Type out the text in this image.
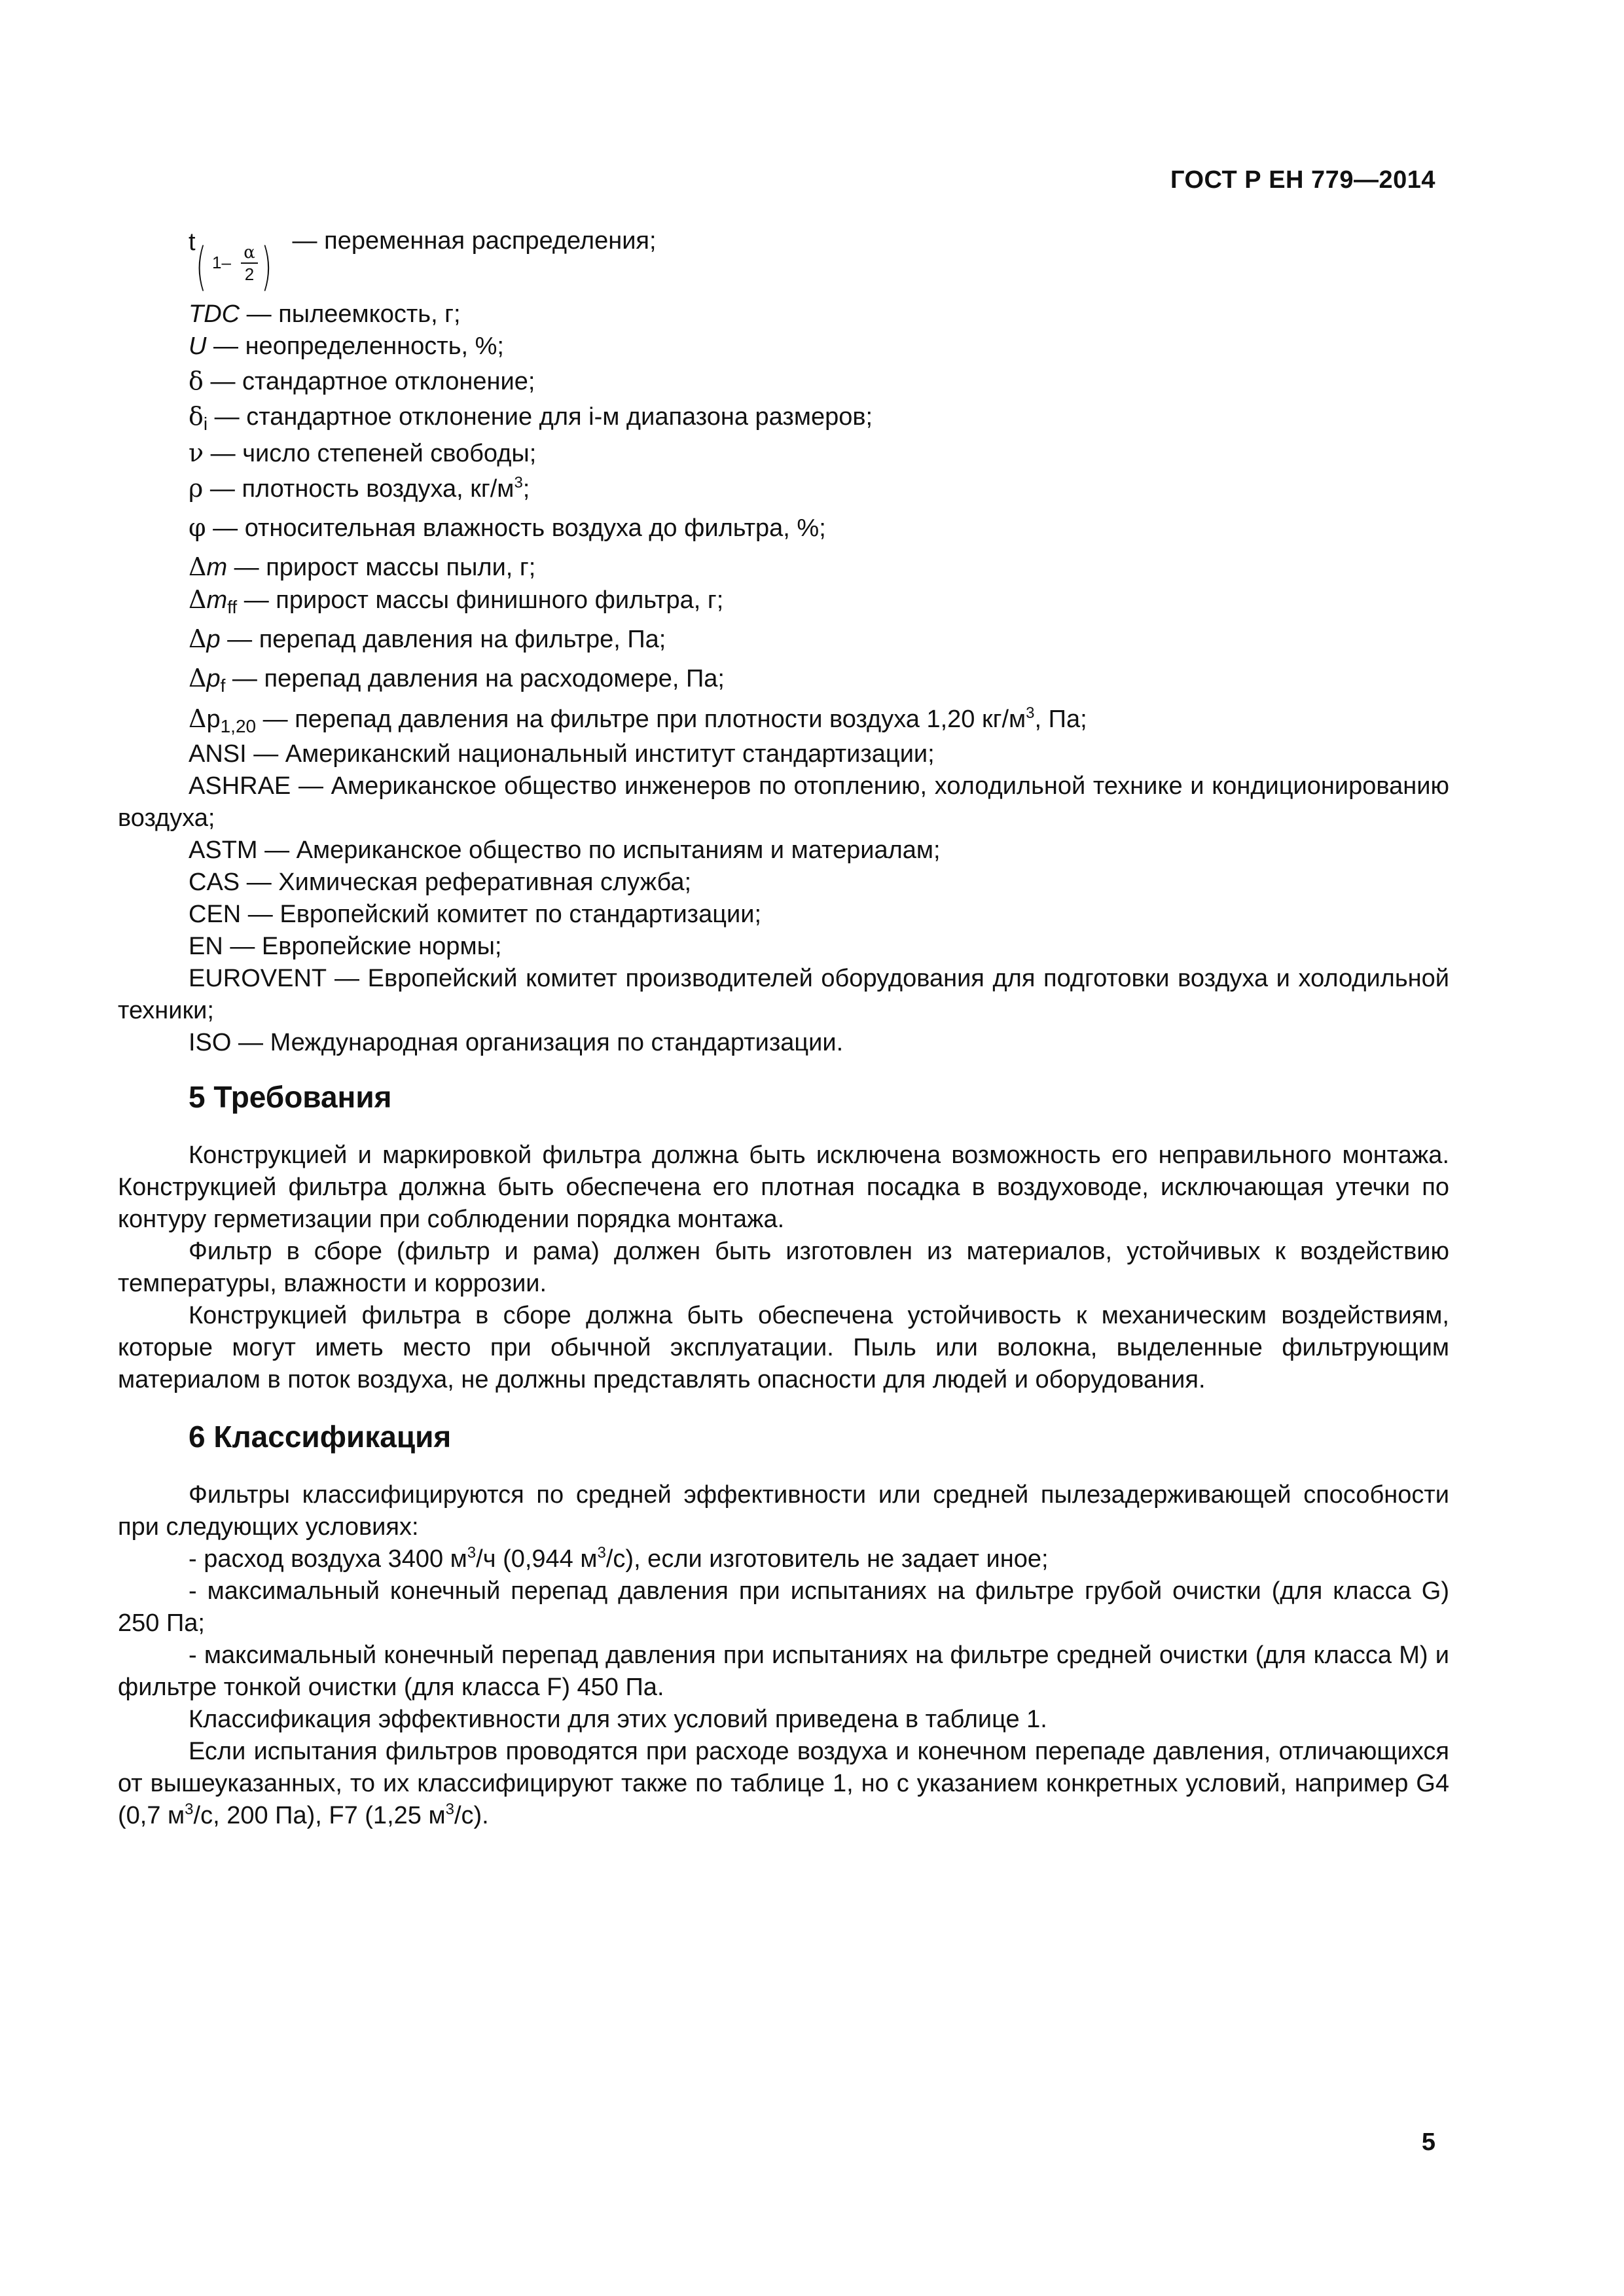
ГОСТ Р ЕН 779—2014
t ( $1- \frac{\alpha}{2}$ ) — переменная распределения;
TDC — пылеемкость, г;
U — неопределенность, %;
δ — стандартное отклонение;
$\delta_i$ — стандартное отклонение для i-м диапазона размеров;
ν — число степеней свободы;
ρ — плотность воздуха, $кг/м^3$;
φ — относительная влажность воздуха до фильтра, %;
Δm — прирост массы пыли, г;
$\Delta m_{ff}$ — прирост массы финишного фильтра, г;
Δp — перепад давления на фильтре, Па;
$\Delta p_f$ — перепад давления на расходомере, Па;
$\Delta p_{1,20}$ — перепад давления на фильтре при плотности воздуха 1,20 $кг/м^3$, Па;
ANSI — Американский национальный институт стандартизации;
ASHRAE — Американское общество инженеров по отоплению, холодильной технике и кондиционированию воздуха;
ASTM — Американское общество по испытаниям и материалам;
CAS — Химическая реферативная служба;
CEN — Европейский комитет по стандартизации;
EN — Европейские нормы;
EUROVENT — Европейский комитет производителей оборудования для подготовки воздуха и холодильной техники;
ISO — Международная организация по стандартизации.
5 Требования
Конструкцией и маркировкой фильтра должна быть исключена возможность его неправильного монтажа. Конструкцией фильтра должна быть обеспечена его плотная посадка в воздуховоде, исключающая утечки по контуру герметизации при соблюдении порядка монтажа.
Фильтр в сборе (фильтр и рама) должен быть изготовлен из материалов, устойчивых к воздействию температуры, влажности и коррозии.
Конструкцией фильтра в сборе должна быть обеспечена устойчивость к механическим воздействиям, которые могут иметь место при обычной эксплуатации. Пыль или волокна, выделенные фильтрующим материалом в поток воздуха, не должны представлять опасности для людей и оборудования.
6 Классификация
Фильтры классифицируются по средней эффективности или средней пылезадерживающей способности при следующих условиях:
- расход воздуха 3400 $м^3/ч$ (0,944 $м^3/с$), если изготовитель не задает иное;
- максимальный конечный перепад давления при испытаниях на фильтре грубой очистки (для класса G) 250 Па;
- максимальный конечный перепад давления при испытаниях на фильтре средней очистки (для класса М) и фильтре тонкой очистки (для класса F) 450 Па.
Классификация эффективности для этих условий приведена в таблице 1.
Если испытания фильтров проводятся при расходе воздуха и конечном перепаде давления, отличающихся от вышеуказанных, то их классифицируют также по таблице 1, но с указанием конкретных условий, например G4 (0,7 $м^3/с$, 200 Па), F7 (1,25 $м^3/с$).
5
